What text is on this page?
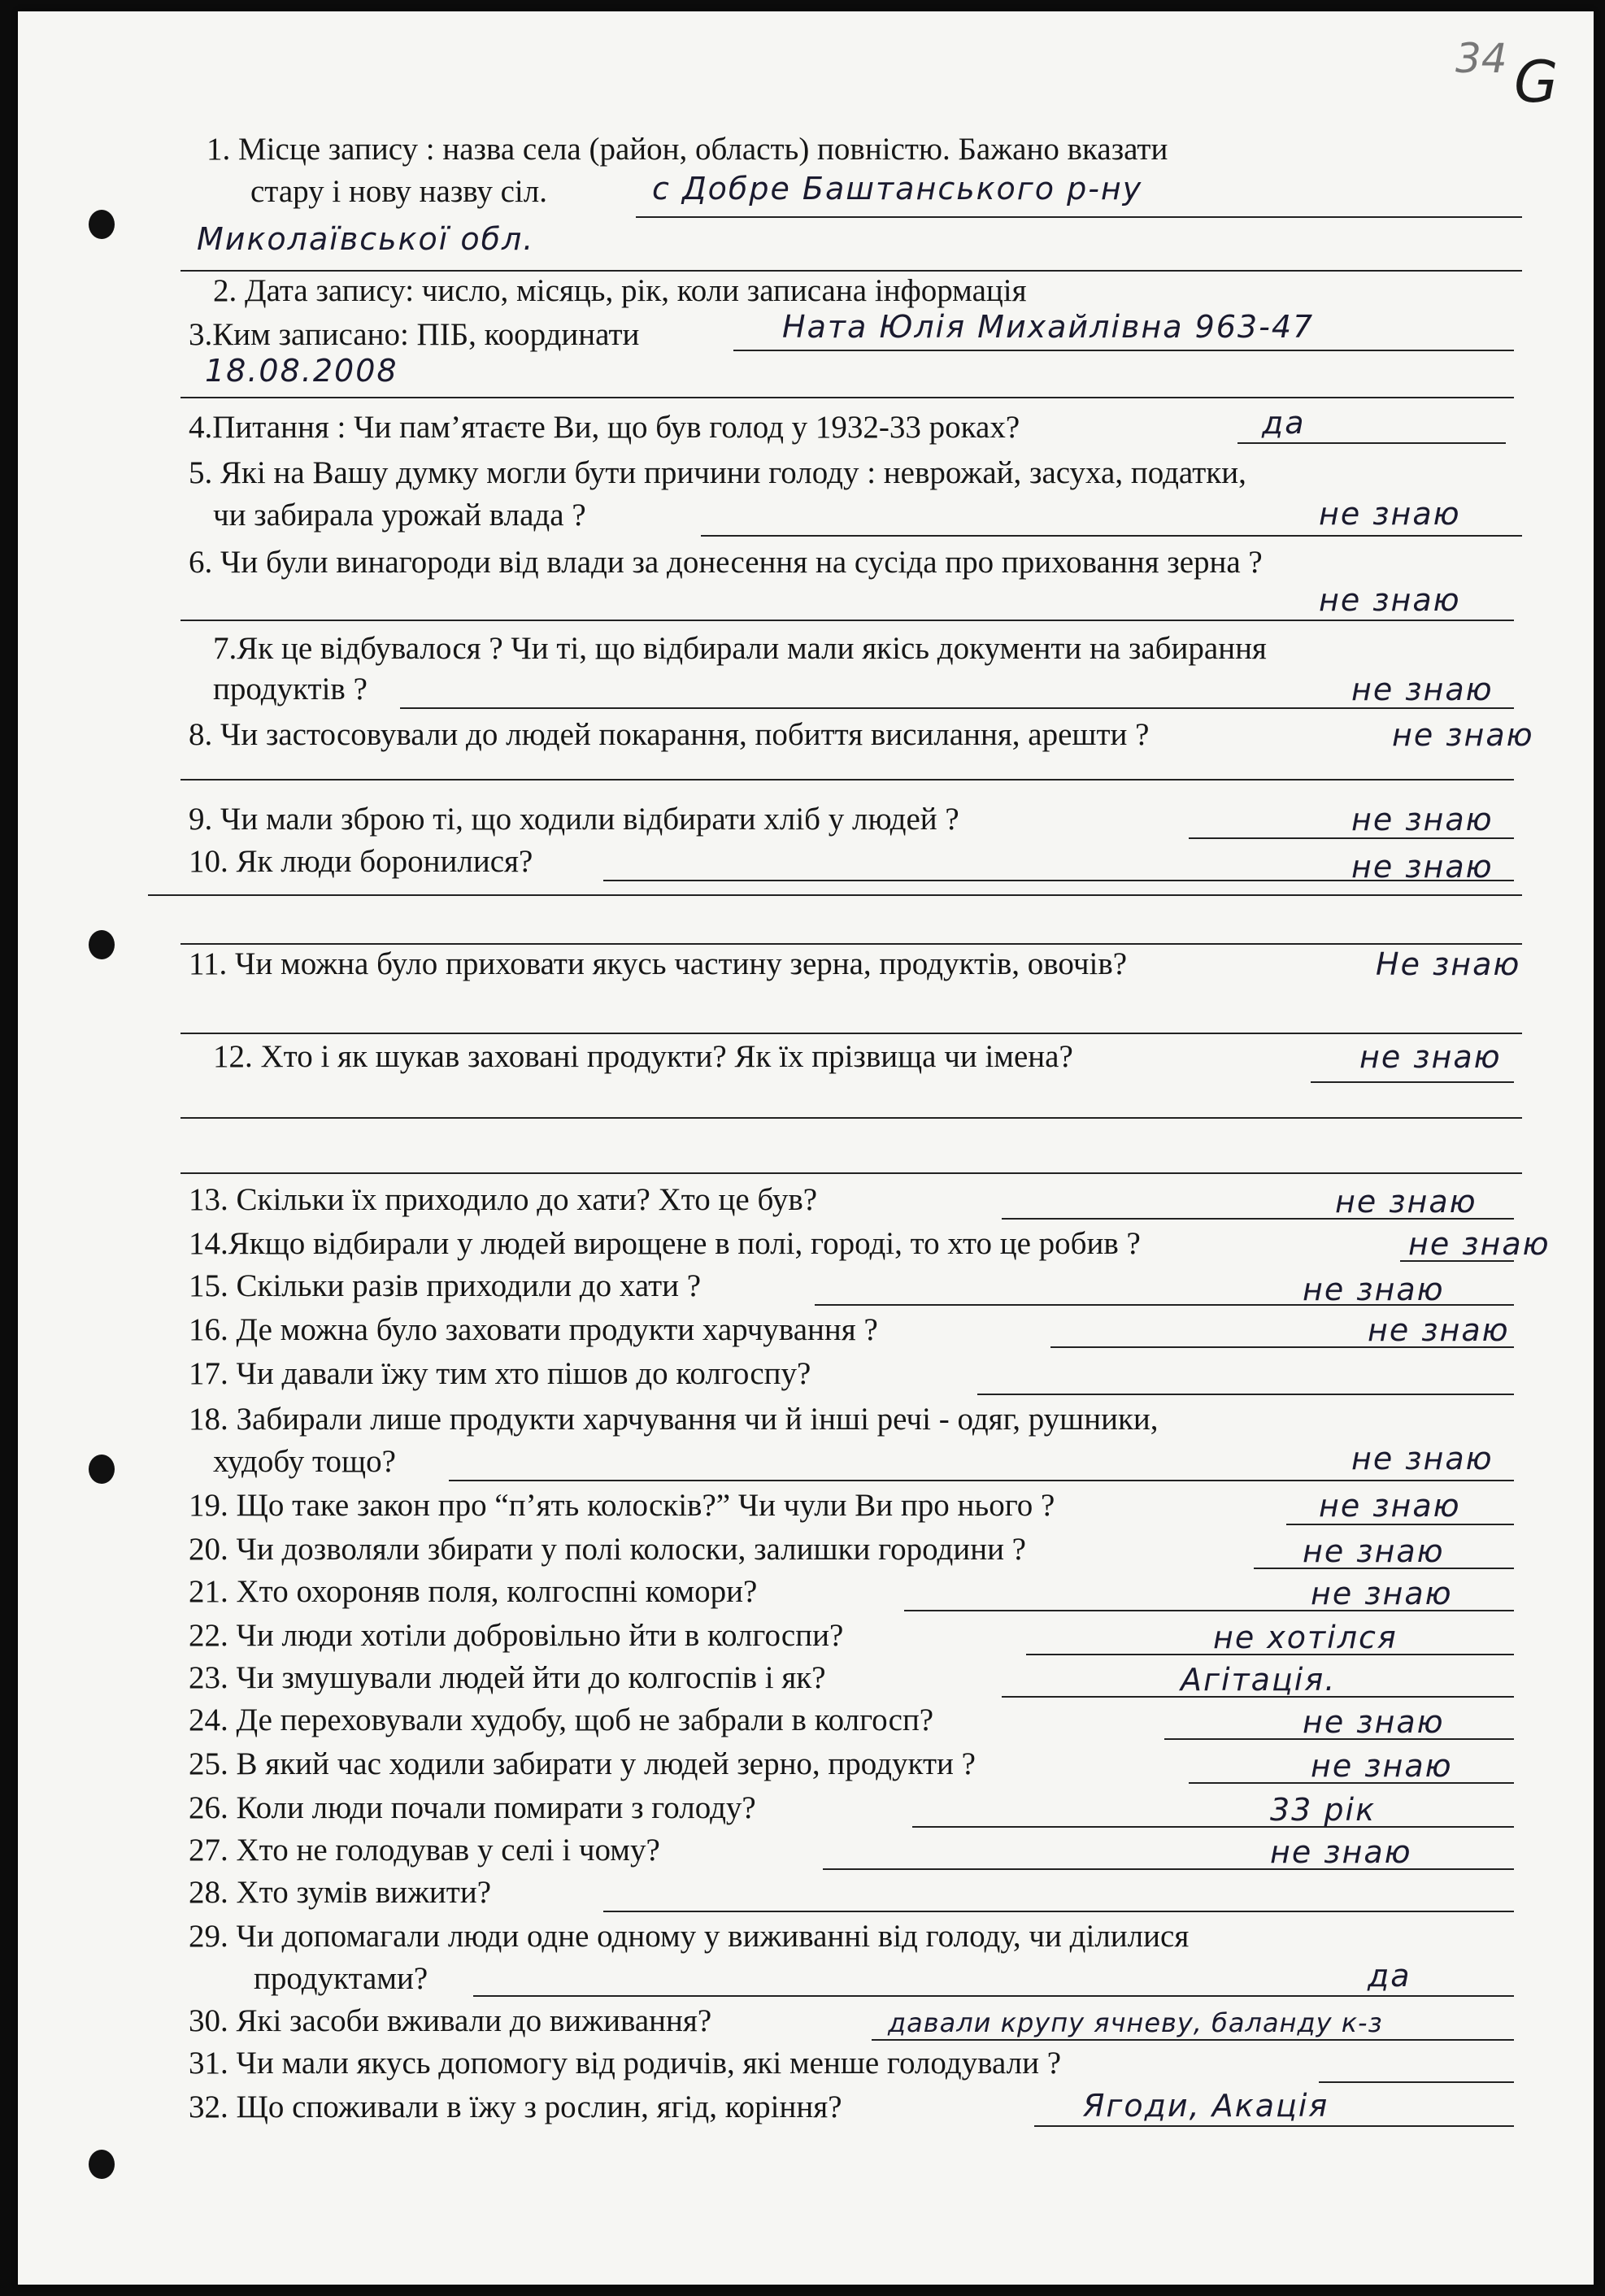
34 G
1. Місце запису : назва села (район, область) повністю. Бажано вказати
стару і нову назву сіл.	с Добре Баштанського р-ну
Миколаївської обл.
2. Дата запису: число, місяць, рік, коли записана інформація
3.Ким записано: ПІБ, координати	Ната Юлія Михайлівна 963-47
18.08.2008
4.Питання : Чи пам’ятаєте Ви, що був голод у 1932-33 роках?	да
5. Які на Вашу думку могли бути причини голоду : неврожай, засуха, податки,
чи забирала урожай влада ?	не знаю
6. Чи були винагороди від влади за донесення на сусіда про приховання зерна ?
не знаю
7.Як це відбувалося ? Чи ті, що відбирали мали якісь документи на забирання
продуктів ?	не знаю
8. Чи застосовували до людей покарання, побиття висилання, арешти ?	не знаю
9. Чи мали зброю ті, що ходили відбирати хліб у людей ?	не знаю
10. Як люди боронилися?	не знаю
11. Чи можна було приховати якусь частину зерна, продуктів, овочів?	Не знаю
12. Хто і як шукав заховані продукти? Як їх прізвища чи імена?	не знаю
13. Скільки їх приходило до хати? Хто це був?	не знаю
14.Якщо відбирали у людей вирощене в полі, городі, то хто це робив ?	не знаю
15. Скільки разів приходили до хати ?	не знаю
16. Де можна було заховати продукти харчування ?	не знаю
17. Чи давали їжу тим хто пішов до колгоспу?
18. Забирали лише продукти харчування чи й інші речі - одяг, рушники,
худобу тощо?	не знаю
19. Що таке закон про “п’ять колосків?” Чи чули Ви про нього ?	не знаю
20. Чи дозволяли збирати у полі колоски, залишки городини ?	не знаю
21. Хто охороняв поля, колгоспні комори?	не знаю
22. Чи люди хотіли добровільно йти в колгоспи?	не хотілся
23. Чи змушували людей йти до колгоспів і як?	Агітація.
24. Де переховували худобу, щоб не забрали в колгосп?	не знаю
25. В який час ходили забирати у людей зерно, продукти ?	не знаю
26. Коли люди почали помирати з голоду?	33 рік
27. Хто не голодував у селі і чому?	не знаю
28. Хто зумів вижити?
29. Чи допомагали люди одне одному у виживанні від голоду, чи ділилися
продуктами?	да
30. Які засоби вживали до виживання?	давали крупу ячневу, баланду к-з
31. Чи мали якусь допомогу від родичів, які менше голодували ?
32. Що споживали в їжу з рослин, ягід, коріння?	Ягоди, Акація
